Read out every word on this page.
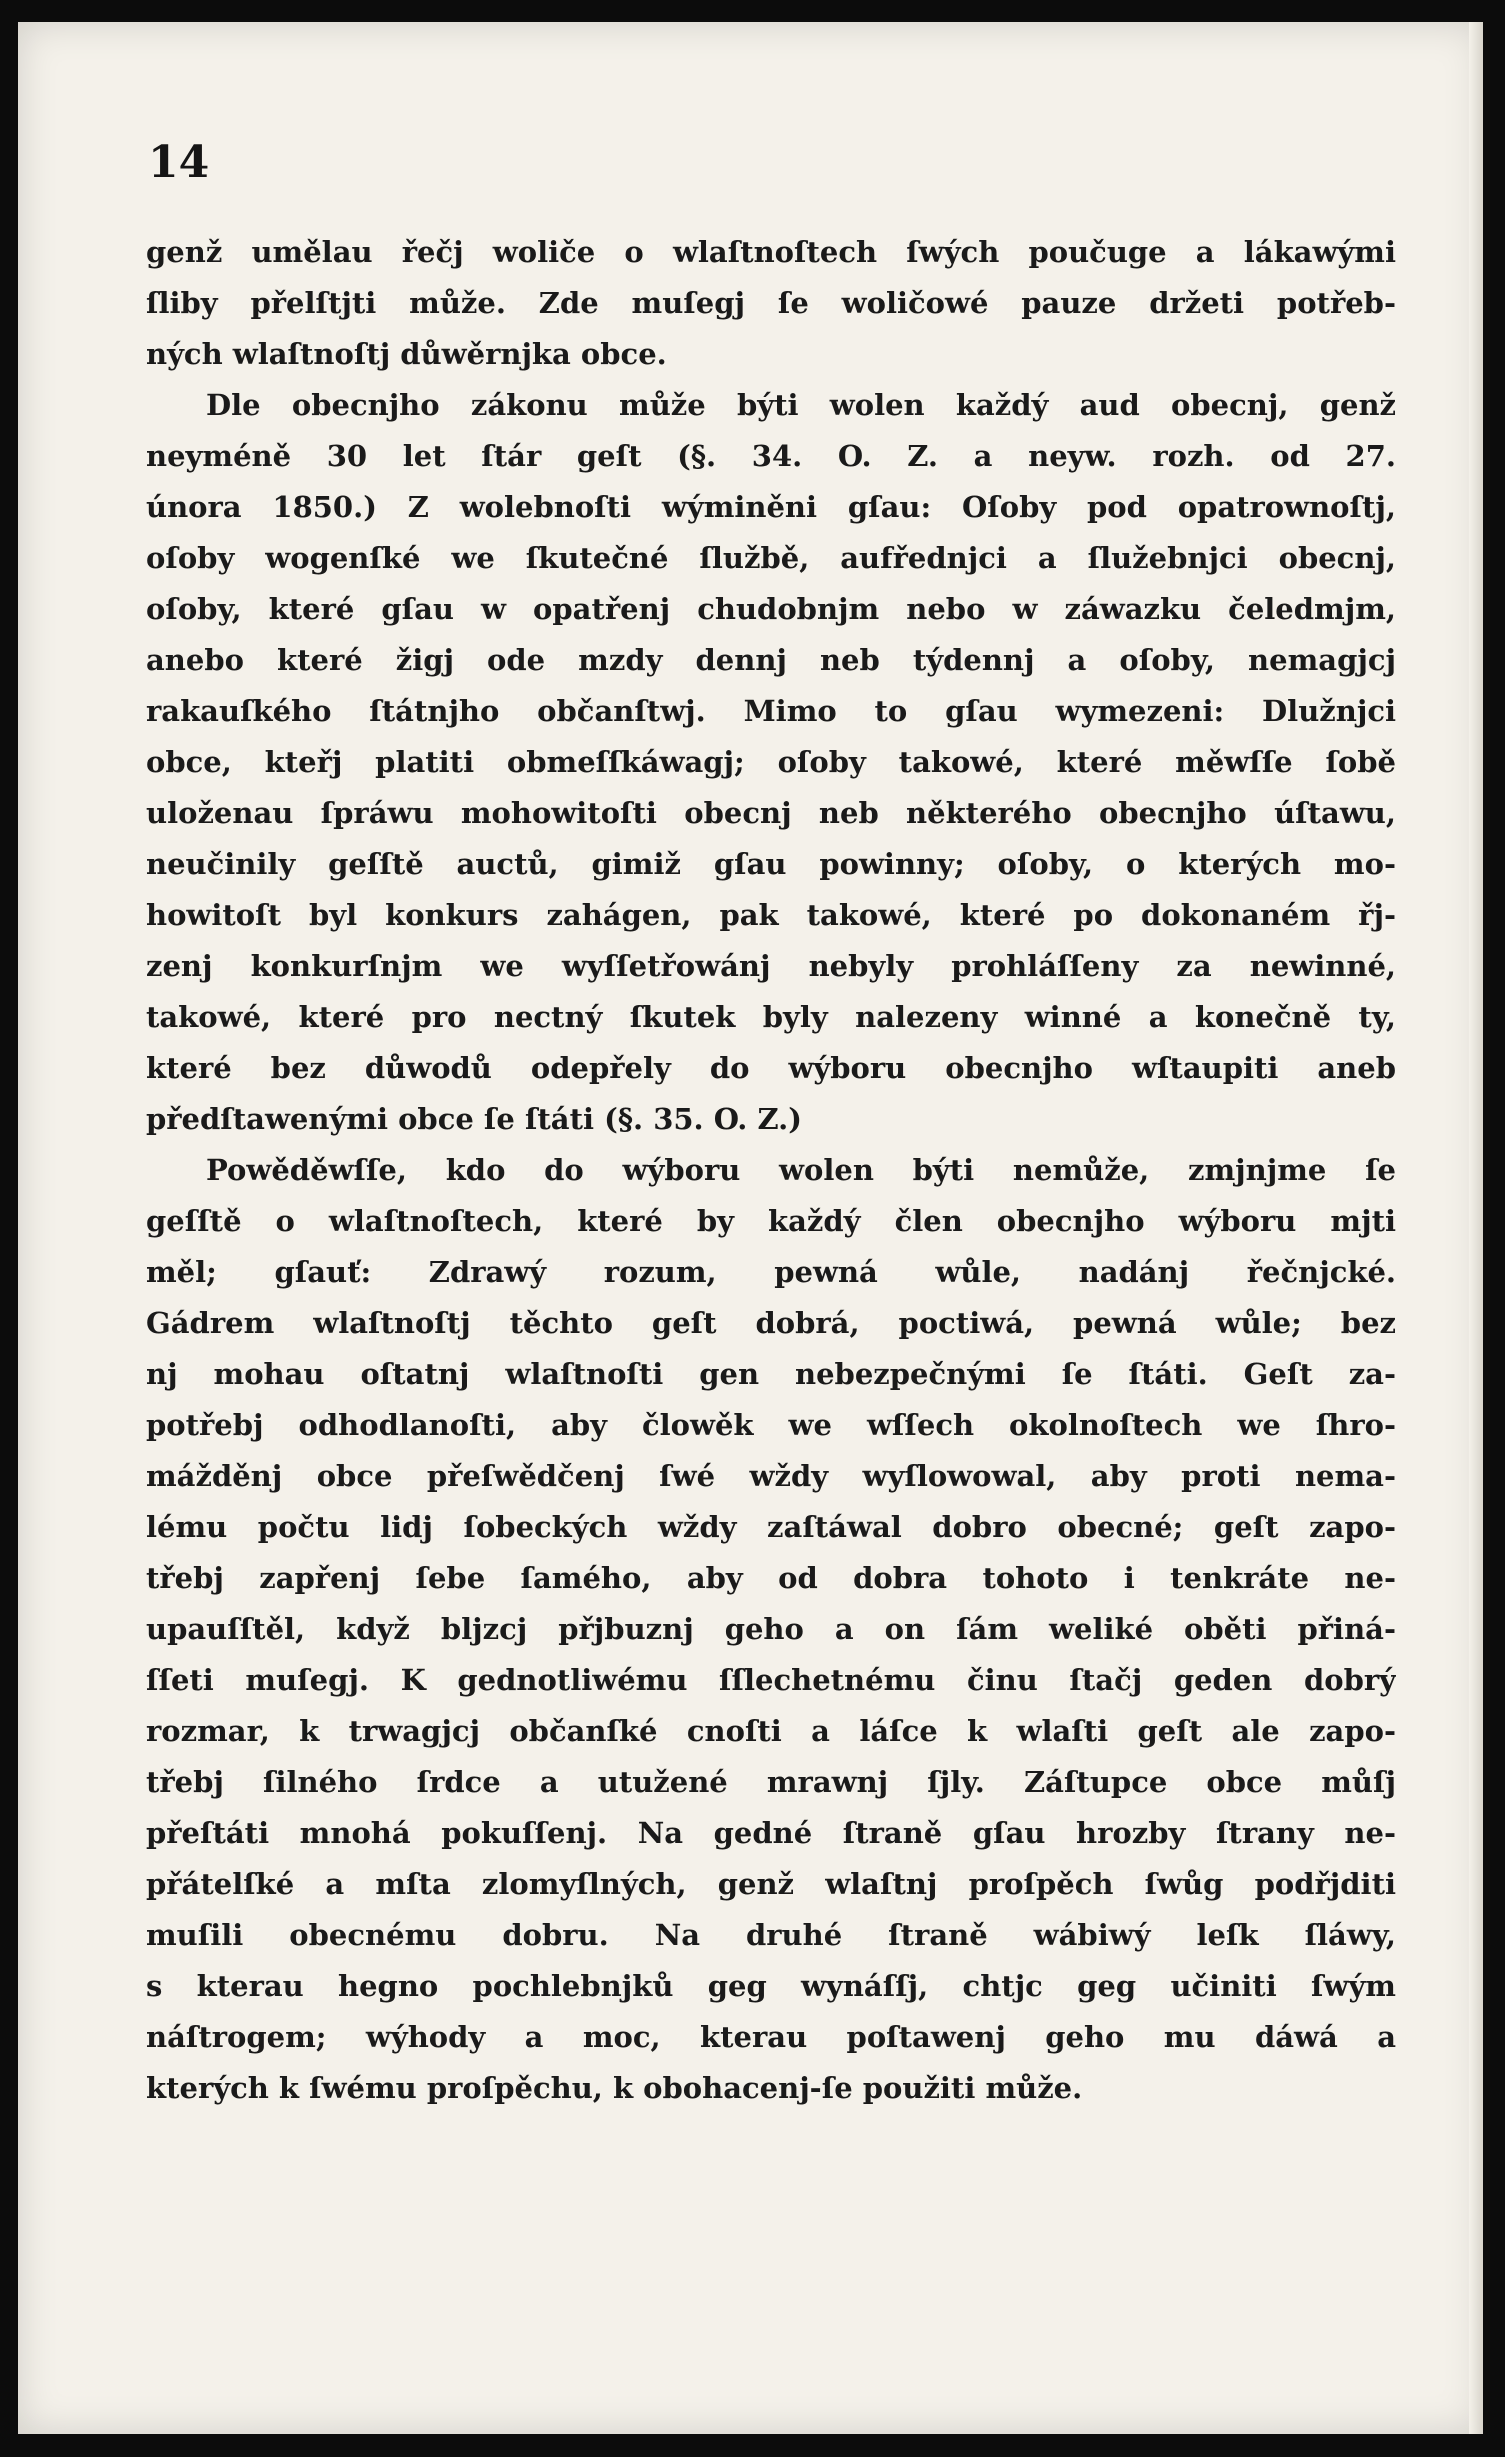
14
genž umělau řečj woliče o wlaſtnoſtech ſwých poučuge a lákawými
ſliby přelſtjti může. Zde muſegj ſe woličowé pauze držeti potřeb-
ných wlaſtnoſtj důwěrnjka obce.
Dle obecnjho zákonu může býti wolen každý aud obecnj, genž
neyméně 30 let ſtár geſt (§. 34. O. Z. a neyw. rozh. od 27.
února 1850.) Z wolebnoſti wýminěni gſau: Oſoby pod opatrownoſtj,
oſoby wogenſké we ſkutečné ſlužbě, aufřednjci a ſlužebnjci obecnj,
oſoby, které gſau w opatřenj chudobnjm nebo w záwazku čeledmjm,
anebo které žigj ode mzdy dennj neb týdennj a oſoby, nemagjcj
rakauſkého ſtátnjho občanſtwj. Mimo to gſau wymezeni: Dlužnjci
obce, kteřj platiti obmeſſkáwagj; oſoby takowé, které měwſſe ſobě
uloženau ſpráwu mohowitoſti obecnj neb některého obecnjho úſtawu,
neučinily geſſtě auctů, gimiž gſau powinny; oſoby, o kterých mo-
howitoſt byl konkurs zahágen, pak takowé, které po dokonaném řj-
zenj konkurſnjm we wyſſetřowánj nebyly prohláſſeny za newinné,
takowé, které pro nectný ſkutek byly nalezeny winné a konečně ty,
které bez důwodů odepřely do wýboru obecnjho wſtaupiti aneb
předſtawenými obce ſe ſtáti (§. 35. O. Z.)
Powěděwſſe, kdo do wýboru wolen býti nemůže, zmjnjme ſe
geſſtě o wlaſtnoſtech, které by každý člen obecnjho wýboru mjti
měl; gſauť: Zdrawý rozum, pewná wůle, nadánj řečnjcké.
Gádrem wlaſtnoſtj těchto geſt dobrá, poctiwá, pewná wůle; bez
nj mohau oſtatnj wlaſtnoſti gen nebezpečnými ſe ſtáti. Geſt za-
potřebj odhodlanoſti, aby člowěk we wſſech okolnoſtech we ſhro-
mážděnj obce přeſwědčenj ſwé wždy wyſlowowal, aby proti nema-
lému počtu lidj ſobeckých wždy zaſtáwal dobro obecné; geſt zapo-
třebj zapřenj ſebe ſamého, aby od dobra tohoto i tenkráte ne-
upauſſtěl, když bljzcj přjbuznj geho a on ſám weliké oběti přiná-
ſſeti muſegj. K gednotliwému ſſlechetnému činu ſtačj geden dobrý
rozmar, k trwagjcj občanſké cnoſti a láſce k wlaſti geſt ale zapo-
třebj ſilného ſrdce a utužené mrawnj ſjly. Záſtupce obce můſj
přeſtáti mnohá pokuſſenj. Na gedné ſtraně gſau hrozby ſtrany ne-
přátelſké a mſta zlomyſlných, genž wlaſtnj proſpěch ſwůg podřjditi
muſili obecnému dobru. Na druhé ſtraně wábiwý leſk ſláwy,
s kterau hegno pochlebnjků geg wynáſſj, chtjc geg učiniti ſwým
náſtrogem; wýhody a moc, kterau poſtawenj geho mu dáwá a
kterých k ſwému proſpěchu, k obohacenj-ſe použiti může.
